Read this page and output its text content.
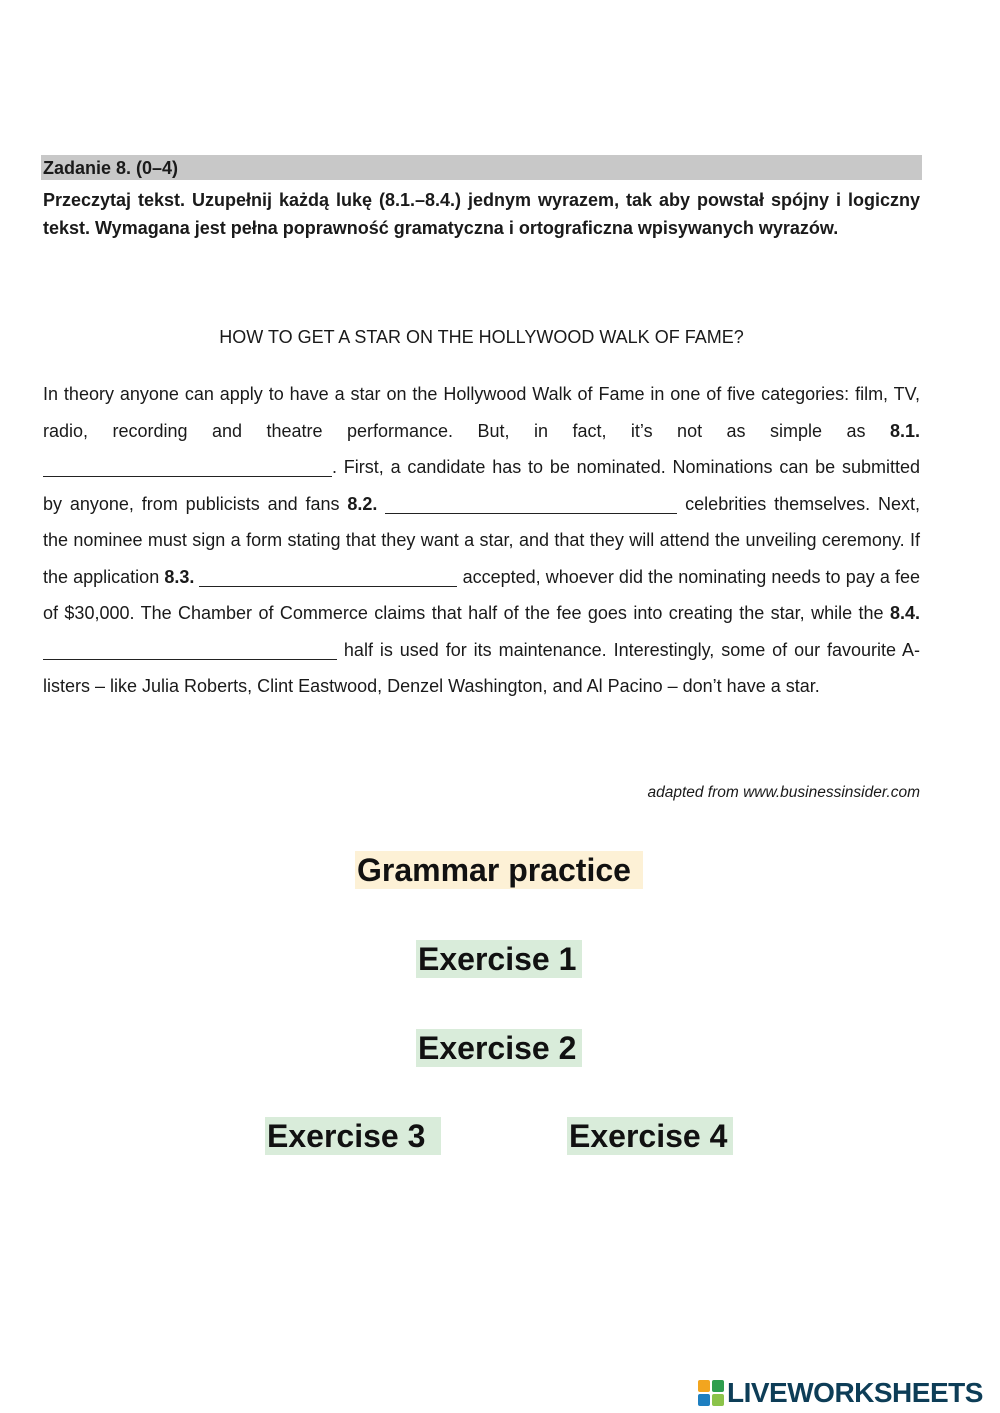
Zadanie 8. (0–4)
Przeczytaj tekst. Uzupełnij każdą lukę (8.1.–8.4.) jednym wyrazem, tak aby powstał spójny i logiczny tekst. Wymagana jest pełna poprawność gramatyczna i ortograficzna wpisywanych wyrazów.
HOW TO GET A STAR ON THE HOLLYWOOD WALK OF FAME?
In theory anyone can apply to have a star on the Hollywood Walk of Fame in one of five categories: film, TV, radio, recording and theatre performance. But, in fact, it’s not as simple as 8.1. . First, a candidate has to be nominated. Nominations can be submitted by anyone, from publicists and fans 8.2.	celebrities themselves. Next, the nominee must sign a form stating that they want a star, and that they will attend the unveiling ceremony. If the application 8.3.	accepted, whoever did the nominating needs to pay a fee of $30,000. The Chamber of Commerce claims that half of the fee goes into creating the star, while the 8.4.  half is used for its maintenance. Interestingly, some of our favourite A-listers – like Julia Roberts, Clint Eastwood, Denzel Washington, and Al Pacino – don’t have a star.
adapted from www.businessinsider.com
Grammar practice
Exercise 1
Exercise 2
Exercise 3	Exercise 4
LIVEWORKSHEETS
